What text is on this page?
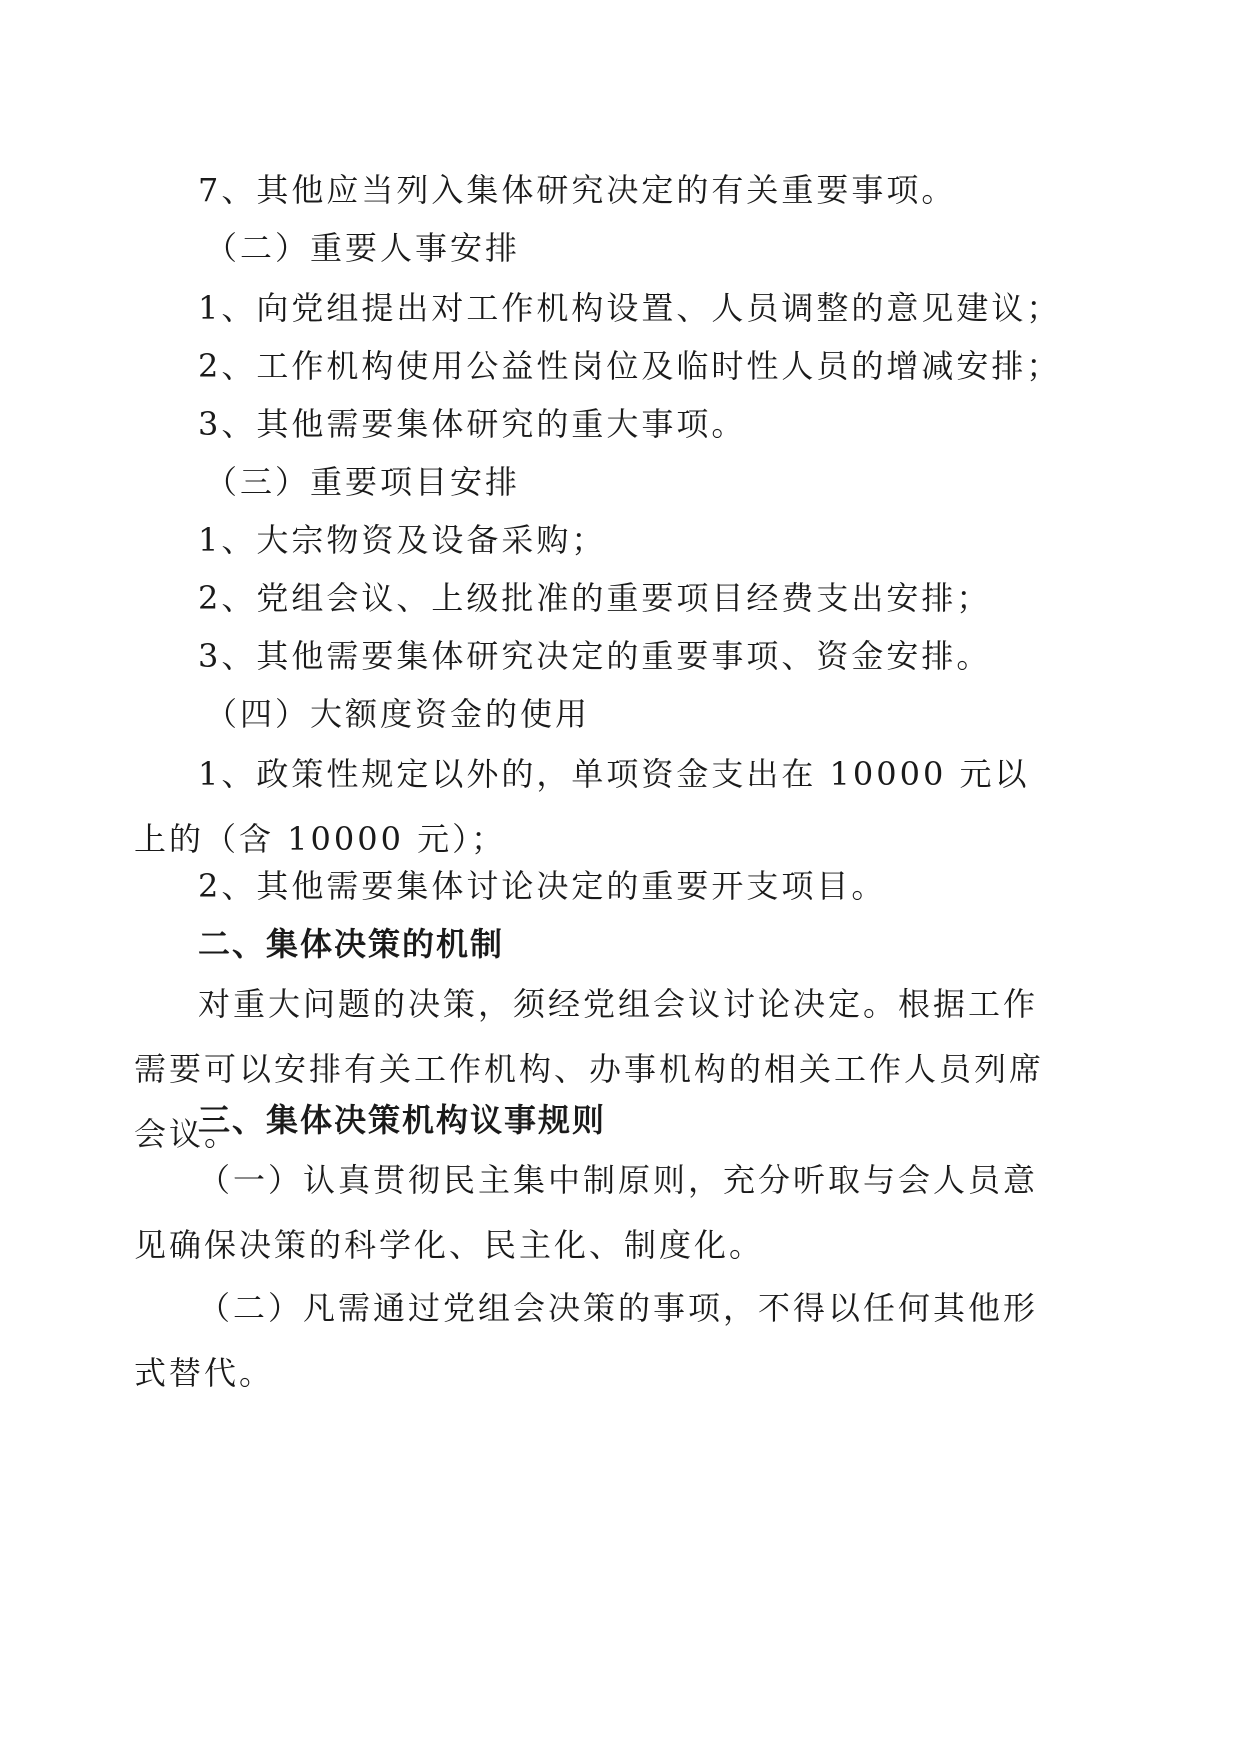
7、其他应当列入集体研究决定的有关重要事项。
（二）重要人事安排
1、向党组提出对工作机构设置、人员调整的意见建议；
2、工作机构使用公益性岗位及临时性人员的增减安排；
3、其他需要集体研究的重大事项。
（三）重要项目安排
1、大宗物资及设备采购；
2、党组会议、上级批准的重要项目经费支出安排；
3、其他需要集体研究决定的重要事项、资金安排。
（四）大额度资金的使用
1、政策性规定以外的，单项资金支出在 10000 元以上的（含 10000 元）；
2、其他需要集体讨论决定的重要开支项目。
二、集体决策的机制
对重大问题的决策，须经党组会议讨论决定。根据工作需要可以安排有关工作机构、办事机构的相关工作人员列席会议。
三、集体决策机构议事规则
（一）认真贯彻民主集中制原则，充分听取与会人员意见确保决策的科学化、民主化、制度化。
（二）凡需通过党组会决策的事项，不得以任何其他形式替代。
